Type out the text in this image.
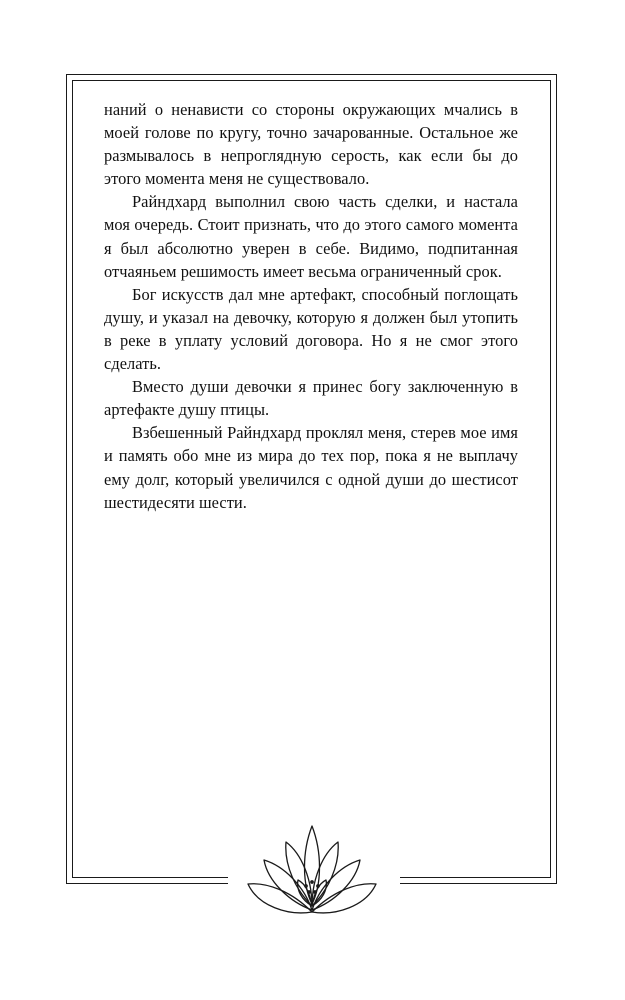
наний о ненависти со стороны окружающих мчались в моей голове по кругу, точно зачарованные. Остальное же размывалось в непроглядную серость, как если бы до этого момента меня не существовало.

Райндхард выполнил свою часть сделки, и настала моя очередь. Стоит признать, что до этого самого момента я был абсолютно уверен в себе. Видимо, подпитанная отчаяньем решимость имеет весьма ограниченный срок.

Бог искусств дал мне артефакт, способный поглощать душу, и указал на девочку, которую я должен был утопить в реке в уплату условий договора. Но я не смог этого сделать.

Вместо души девочки я принес богу заключенную в артефакте душу птицы.

Взбешенный Райндхард проклял меня, стерев мое имя и память обо мне из мира до тех пор, пока я не выплачу ему долг, который увеличился с одной души до шестисот шестидесяти шести.
